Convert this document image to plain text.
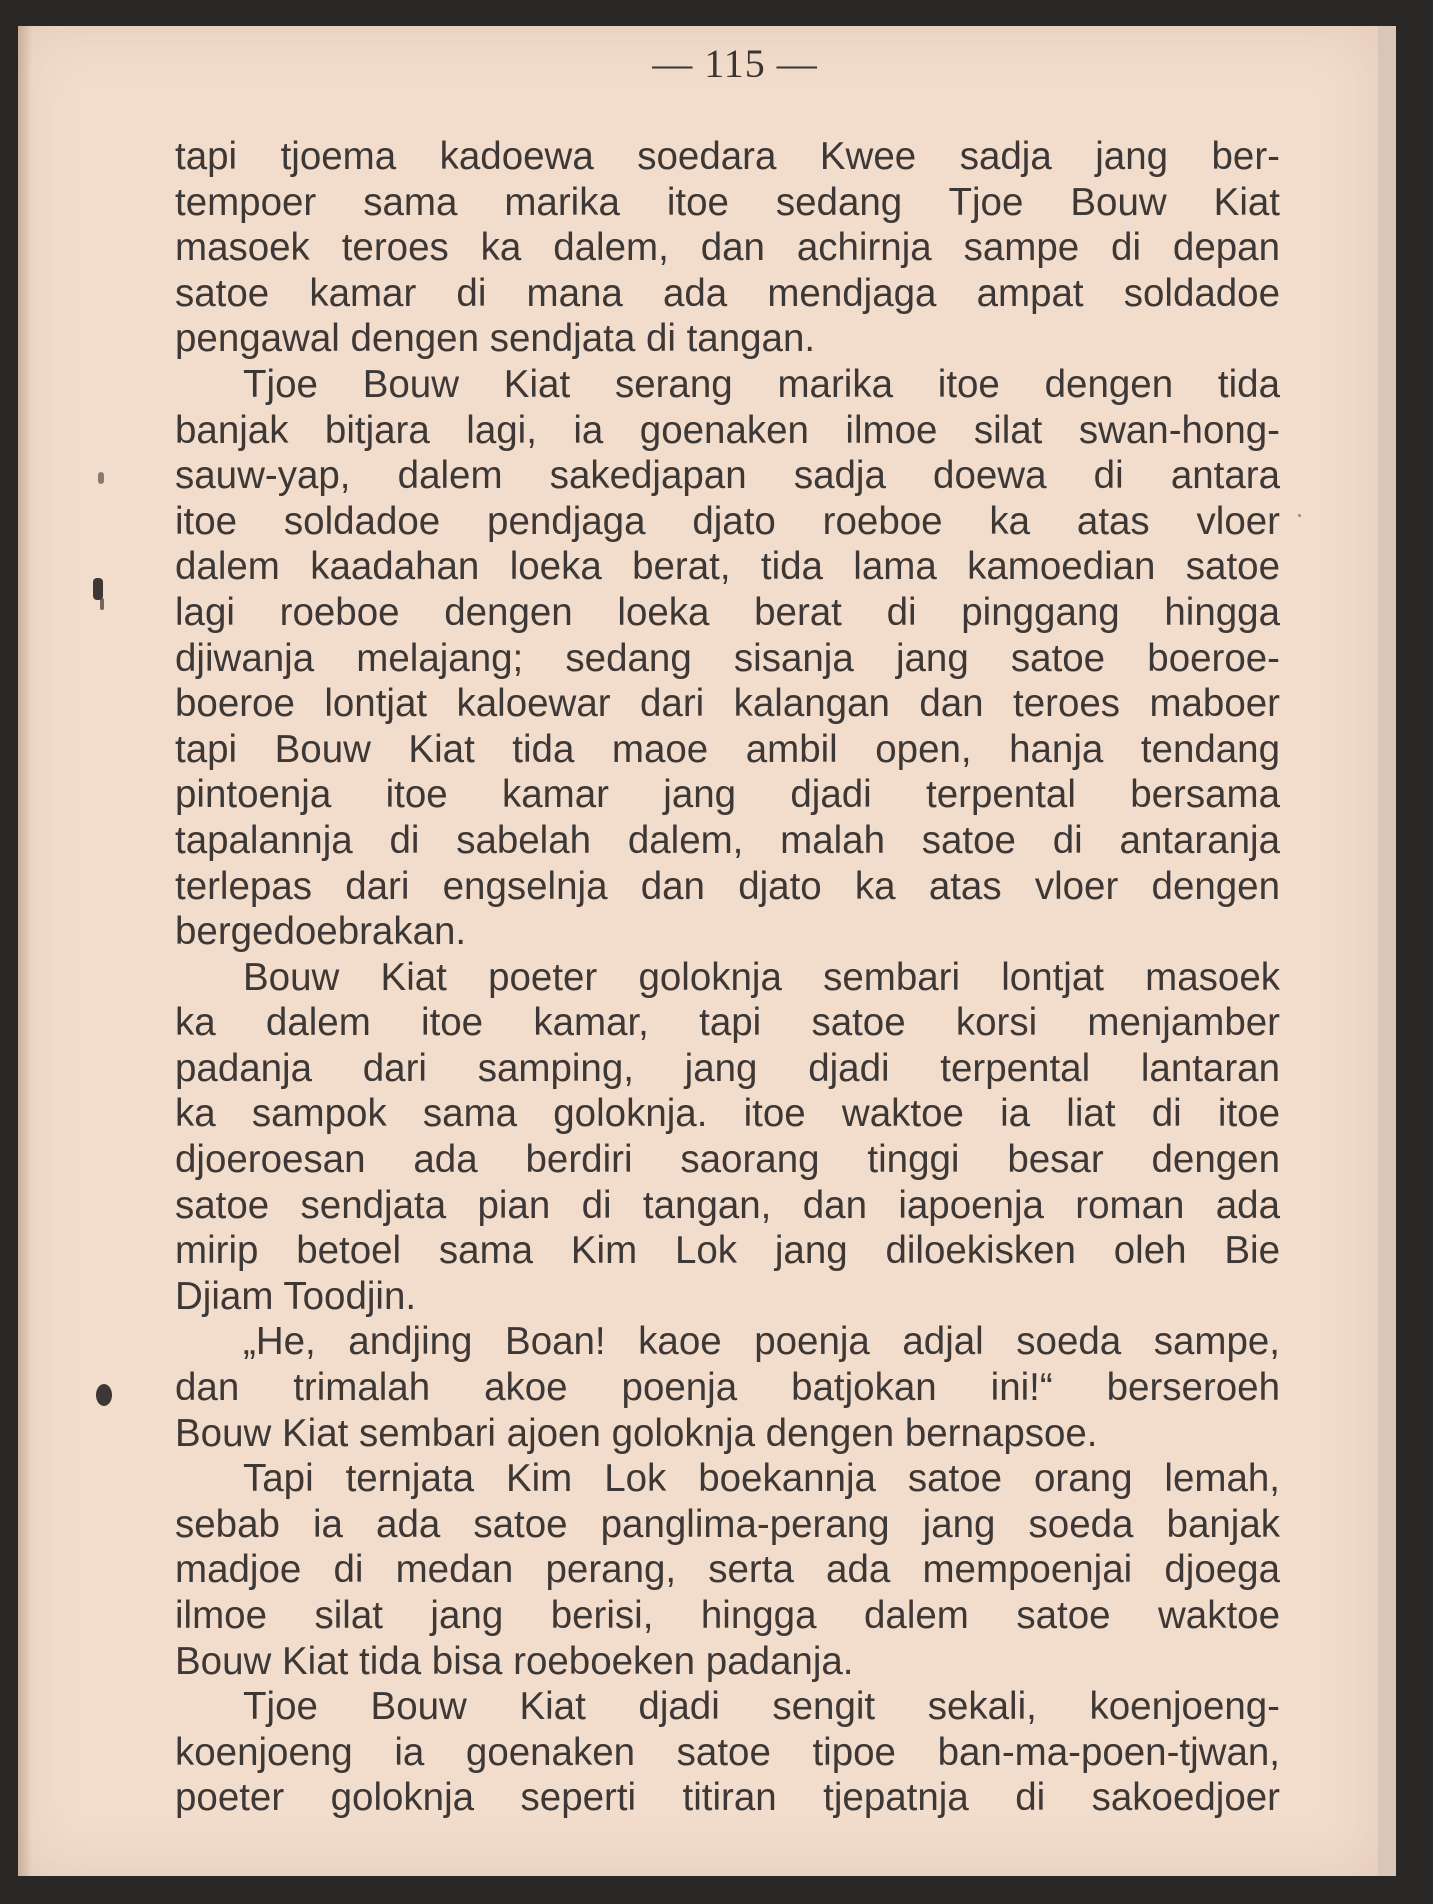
— 115 —
tapi tjoema kadoewa soedara Kwee sadja jang ber-
tempoer sama marika itoe sedang Tjoe Bouw Kiat
masoek teroes ka dalem, dan achirnja sampe di depan
satoe kamar di mana ada mendjaga ampat soldadoe
pengawal dengen sendjata di tangan.
Tjoe Bouw Kiat serang marika itoe dengen tida
banjak bitjara lagi, ia goenaken ilmoe silat swan-hong-
sauw-yap, dalem sakedjapan sadja doewa di antara
itoe soldadoe pendjaga djato roeboe ka atas vloer
dalem kaadahan loeka berat, tida lama kamoedian satoe
lagi roeboe dengen loeka berat di pinggang hingga
djiwanja melajang; sedang sisanja jang satoe boeroe-
boeroe lontjat kaloewar dari kalangan dan teroes maboer
tapi Bouw Kiat tida maoe ambil open, hanja tendang
pintoenja itoe kamar jang djadi terpental bersama
tapalannja di sabelah dalem, malah satoe di antaranja
terlepas dari engselnja dan djato ka atas vloer dengen
bergedoebrakan.
Bouw Kiat poeter goloknja sembari lontjat masoek
ka dalem itoe kamar, tapi satoe korsi menjamber
padanja dari samping, jang djadi terpental lantaran
ka sampok sama goloknja. itoe waktoe ia liat di itoe
djoeroesan ada berdiri saorang tinggi besar dengen
satoe sendjata pian di tangan, dan iapoenja roman ada
mirip betoel sama Kim Lok jang diloekisken oleh Bie
Djiam Toodjin.
„He, andjing Boan! kaoe poenja adjal soeda sampe,
dan trimalah akoe poenja batjokan ini!“ berseroeh
Bouw Kiat sembari ajoen goloknja dengen bernapsoe.
Tapi ternjata Kim Lok boekannja satoe orang lemah,
sebab ia ada satoe panglima-perang jang soeda banjak
madjoe di medan perang, serta ada mempoenjai djoega
ilmoe silat jang berisi, hingga dalem satoe waktoe
Bouw Kiat tida bisa roeboeken padanja.
Tjoe Bouw Kiat djadi sengit sekali, koenjoeng-
koenjoeng ia goenaken satoe tipoe ban-ma-poen-tjwan,
poeter goloknja seperti titiran tjepatnja di sakoedjoer
